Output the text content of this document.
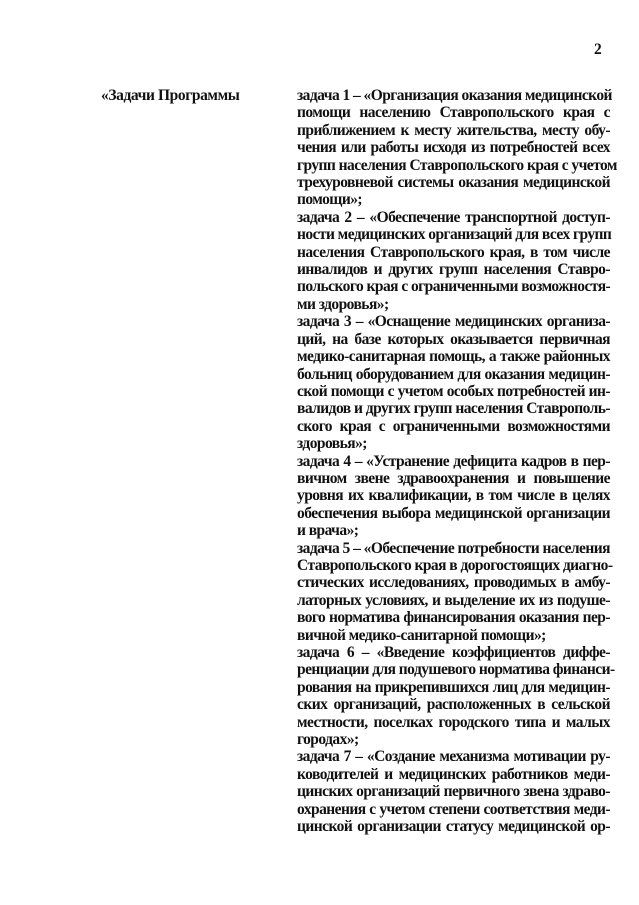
2
«Задачи Программы	задача 1 – «Организация оказания медицинской
помощи населению Ставропольского края с
приближением к месту жительства, месту обу-
чения или работы исходя из потребностей всех
групп населения Ставропольского края с учетом
трехуровневой системы оказания медицинской
помощи»;
задача 2 – «Обеспечение транспортной доступ-
ности медицинских организаций для всех групп
населения Ставропольского края, в том числе
инвалидов и других групп населения Ставро-
польского края с ограниченными возможностя-
ми здоровья»;
задача 3 – «Оснащение медицинских организа-
ций, на базе которых оказывается первичная
медико-санитарная помощь, а также районных
больниц оборудованием для оказания медицин-
ской помощи с учетом особых потребностей ин-
валидов и других групп населения Ставрополь-
ского края с ограниченными возможностями
здоровья»;
задача 4 – «Устранение дефицита кадров в пер-
вичном звене здравоохранения и повышение
уровня их квалификации, в том числе в целях
обеспечения выбора медицинской организации
и врача»;
задача 5 – «Обеспечение потребности населения
Ставропольского края в дорогостоящих диагно-
стических исследованиях, проводимых в амбу-
латорных условиях, и выделение их из подушe-
вого норматива финансирования оказания пер-
вичной медико-санитарной помощи»;
задача 6 – «Введение коэффициентов диффе-
ренциации для подушевого норматива финанси-
рования на прикрепившихся лиц для медицин-
ских организаций, расположенных в сельской
местности, поселках городского типа и малых
городах»;
задача 7 – «Создание механизма мотивации ру-
ководителей и медицинских работников меди-
цинских организаций первичного звена здраво-
охранения с учетом степени соответствия меди-
цинской организации статусу медицинской ор-
